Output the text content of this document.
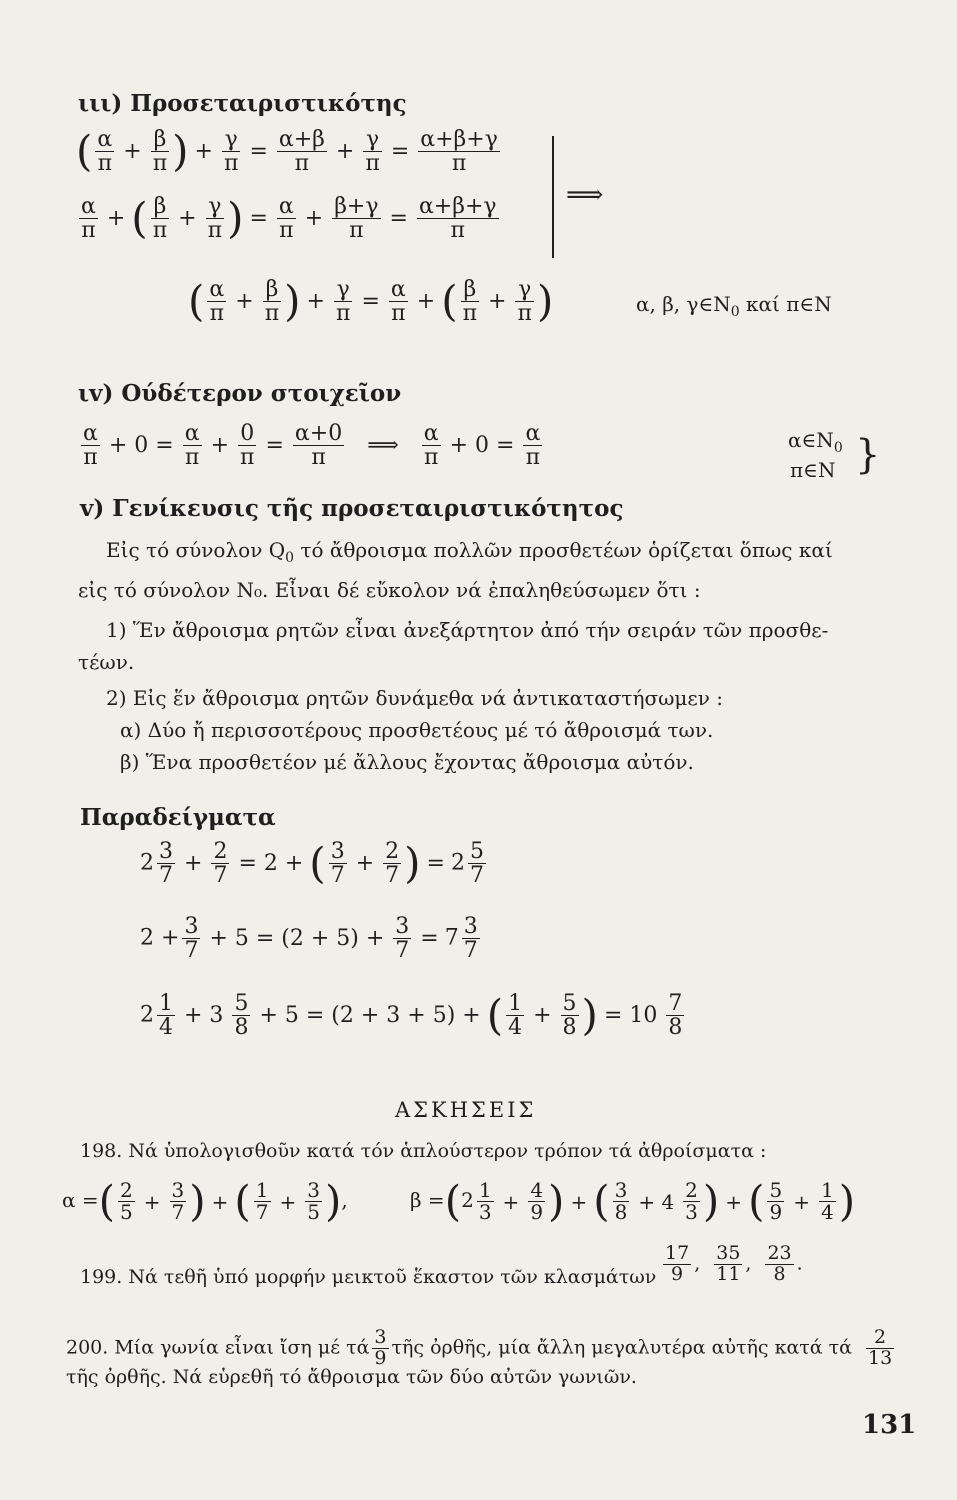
ιιι) Προσεταιριστικότης
( $\frac{\alpha}{\pi} + \frac{\beta}{\pi}$ ) + $\frac{\gamma}{\pi} = \frac{\alpha+\beta}{\pi} + \frac{\gamma}{\pi} = \frac{\alpha+\beta+\gamma}{\pi}$
$\frac{\alpha}{\pi}$ + ( $\frac{\beta}{\pi} + \frac{\gamma}{\pi}$ ) = $\frac{\alpha}{\pi} + \frac{\beta+\gamma}{\pi} = \frac{\alpha+\beta+\gamma}{\pi}$	⟹
( $\frac{\alpha}{\pi} + \frac{\beta}{\pi}$ ) + $\frac{\gamma}{\pi} = \frac{\alpha}{\pi}$ + ( $\frac{\beta}{\pi} + \frac{\gamma}{\pi}$ )	α, β, $\gamma\in N_0$ καί π∈N
ιv) Ούδέτερον στοιχεῖον
$\frac{\alpha}{\pi} + 0 = \frac{\alpha}{\pi} + \frac{0}{\pi} = \frac{\alpha+0}{\pi}$ ⟹ $\frac{\alpha}{\pi} + 0 = \frac{\alpha}{\pi}$	$\alpha\in N_0$
π∈N }
v) Γενίκευσις τῆς προσεταιριστικότητος
Εἰς τό σύνολον $Q_0$ τό ἄθροισμα πολλῶν προσθετέων ὁρίζεται ὅπως καί
εἰς τό σύνολον N₀. Εἶναι δέ εὔκολον νά ἐπαληθεύσωμεν ὅτι :
1) Ἕν ἄθροισμα ρητῶν εἶναι ἀνεξάρτητον ἀπό τήν σειράν τῶν προσθε-
τέων.
2) Εἰς ἕν ἄθροισμα ρητῶν δυνάμεθα νά ἀντικαταστήσωμεν :
α) Δύο ἤ περισσοτέρους προσθετέους μέ τό ἄθροισμά των.
β) Ἕνα προσθετέον μέ ἄλλους ἔχοντας ἄθροισμα αὐτόν.
Παραδείγματα
$2 \frac{3}{7} + \frac{2}{7} = 2$ + ( $\frac{3}{7} + \frac{2}{7}$ ) = $2 \frac{5}{7}$
$2 + \frac{3}{7} + 5 = (2 + 5) + \frac{3}{7} = 7 \frac{3}{7}$
$2 \frac{1}{4} + 3 \frac{5}{8} + 5 = (2 + 3 + 5)$ + ( $\frac{1}{4} + \frac{5}{8}$ ) = $10 \frac{7}{8}$
ΑΣΚΗΣΕΙΣ
198. Νά ὑπολογισθοῦν κατά τόν ἁπλούστερον τρόπον τά ἀθροίσματα :
α =( $\frac{2}{5} + \frac{3}{7}$ ) + ( $\frac{1}{7} + \frac{3}{5}$ ),	$\beta =(2 \frac{1}{3} + \frac{4}{9}$ ) + ( $\frac{3}{8} + 4 \frac{2}{3}$ ) + ( $\frac{5}{9} + \frac{1}{4}$ )
199. Νά τεθῆ ὑπό μορφήν μεικτοῦ ἕκαστον τῶν κλασμάτων $\frac{17}{9}$ , $\frac{35}{11}$ , $\frac{23}{8}$ .
200. Μία γωνία εἶναι ἴση μέ τά $\frac{3}{9}$ τῆς ὀρθῆς, μία ἄλλη μεγαλυτέρα αὐτῆς κατά τά $\frac{2}{13}$
τῆς ὀρθῆς. Νά εὑρεθῆ τό ἄθροισμα τῶν δύο αὐτῶν γωνιῶν.
131
